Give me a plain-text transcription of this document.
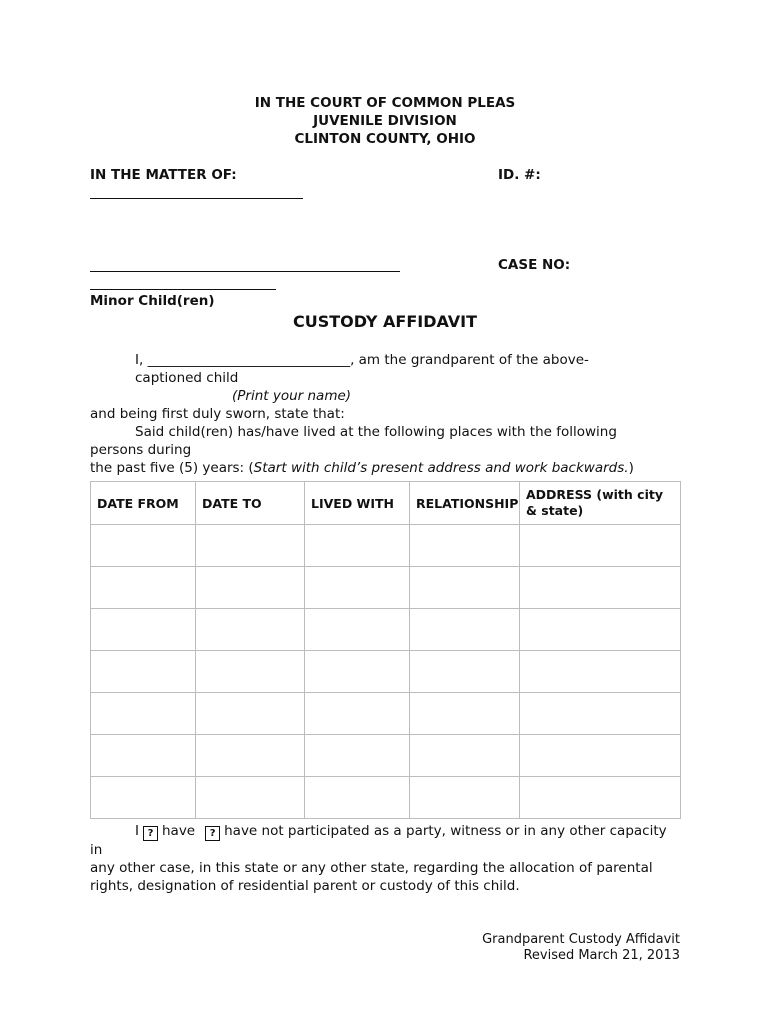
IN THE COURT OF COMMON PLEAS
JUVENILE DIVISION
CLINTON COUNTY, OHIO
IN THE MATTER OF:	ID. #:
CASE NO:
Minor Child(ren)
CUSTODY AFFIDAVIT
I, ______________________________, am the grandparent of the above-
captioned child
(Print your name)
and being first duly sworn, state that:
Said child(ren) has/have lived at the following places with the following
persons during
the past five (5) years: (Start with child’s present address and work backwards.)
DATE FROM	DATE TO	LIVED WITH	RELATIONSHIP	ADDRESS (with city & state)

I ? have ? have not participated as a party, witness or in any other capacity
in
any other case, in this state or any other state, regarding the allocation of parental
rights, designation of residential parent or custody of this child.
Grandparent Custody Affidavit
Revised March 21, 2013
